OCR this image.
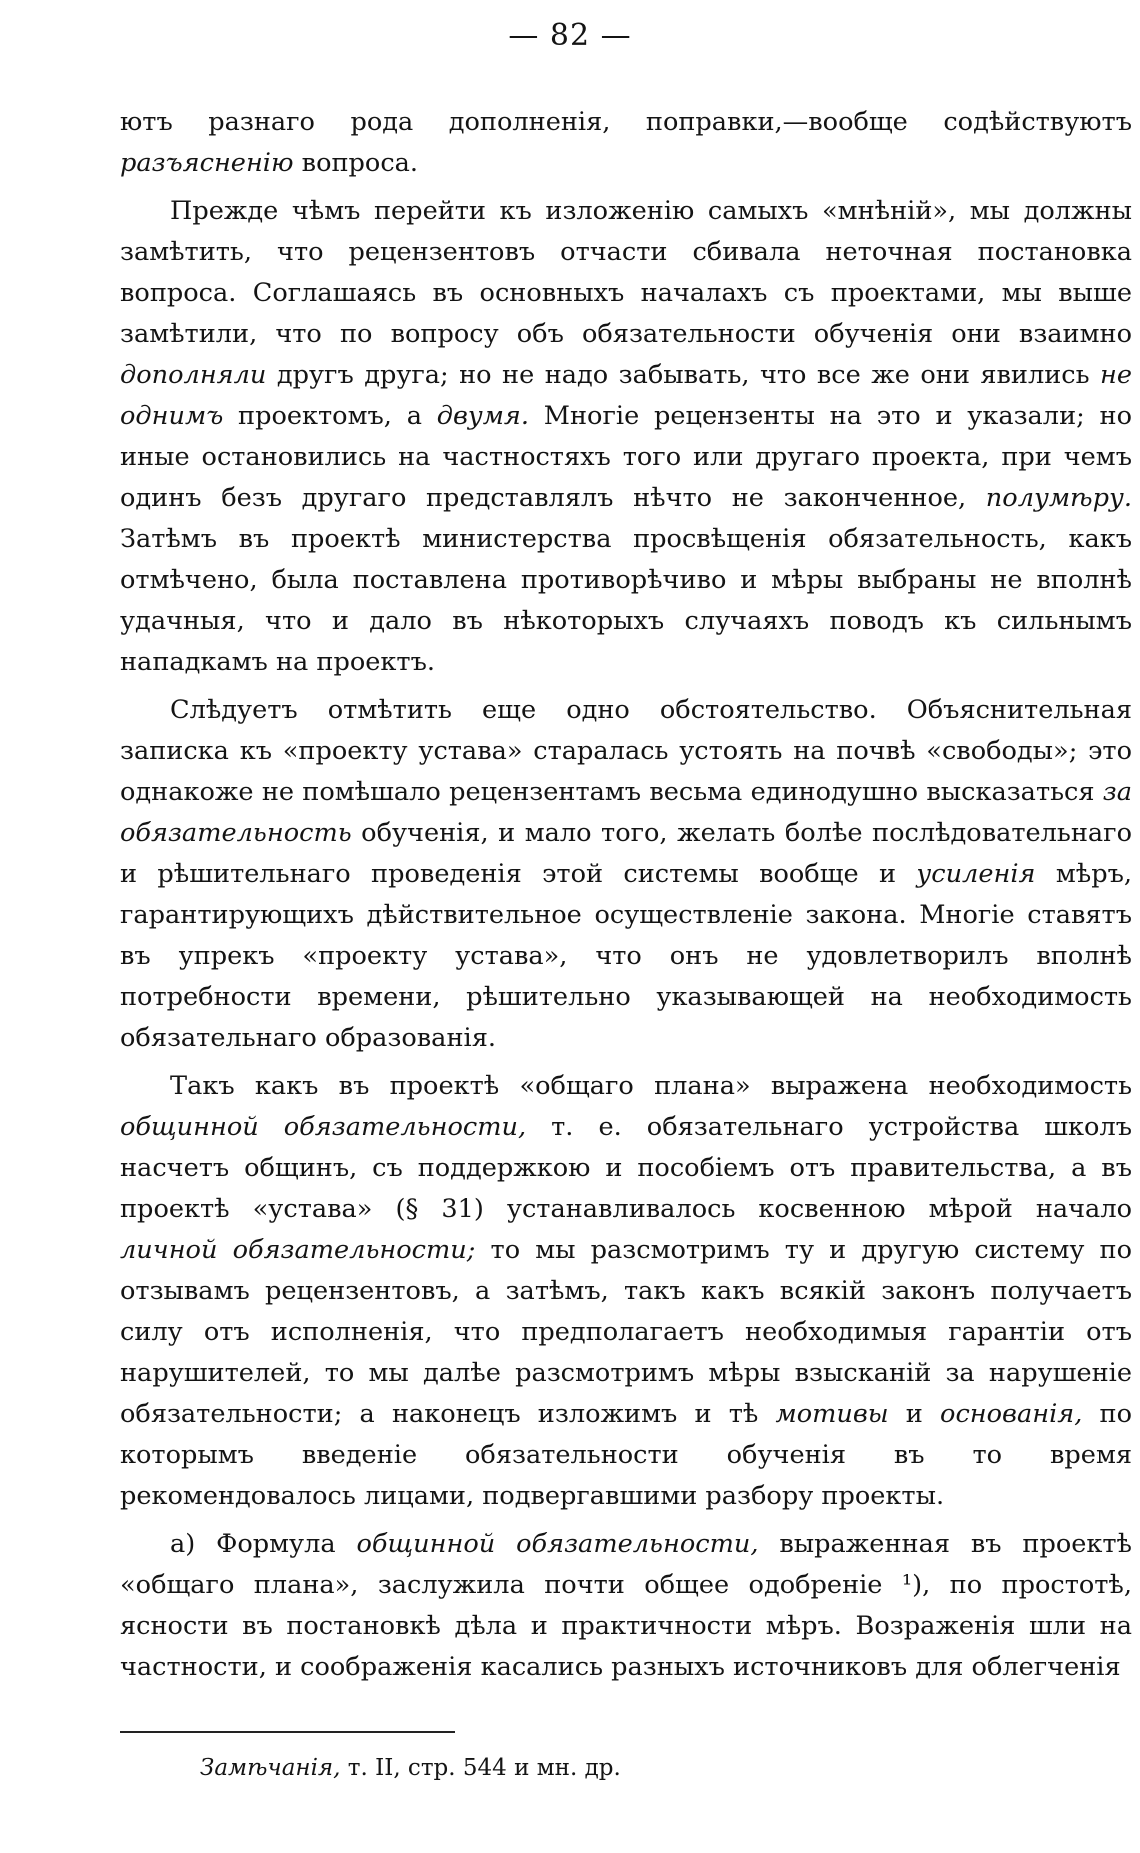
— 82 —

ютъ разнаго рода дополненія, поправки,—вообще содѣйствуютъ разъясненію вопроса.

Прежде чѣмъ перейти къ изложенію самыхъ «мнѣній», мы должны замѣтить, что рецензентовъ отчасти сбивала неточная постановка вопроса. Соглашаясь въ основныхъ началахъ съ проектами, мы выше замѣтили, что по вопросу объ обязательности обученія они взаимно дополняли другъ друга; но не надо забывать, что все же они явились не однимъ проектомъ, а двумя. Многіе рецензенты на это и указали; но иные остановились на частностяхъ того или другаго проекта, при чемъ одинъ безъ другаго представлялъ нѣчто не законченное, полумѣру. Затѣмъ въ проектѣ министерства просвѣщенія обязательность, какъ отмѣчено, была поставлена противорѣчиво и мѣры выбраны не вполнѣ удачныя, что и дало въ нѣкоторыхъ случаяхъ поводъ къ сильнымъ нападкамъ на проектъ.

Слѣдуетъ отмѣтить еще одно обстоятельство. Объяснительная записка къ «проекту устава» старалась устоять на почвѣ «свободы»; это однакоже не помѣшало рецензентамъ весьма единодушно высказаться за обязательность обученія, и мало того, желать болѣе послѣдовательнаго и рѣшительнаго проведенія этой системы вообще и усиленія мѣръ, гарантирующихъ дѣйствительное осуществленіе закона. Многіе ставятъ въ упрекъ «проекту устава», что онъ не удовлетворилъ вполнѣ потребности времени, рѣшительно указывающей на необходимость обязательнаго образованія.

Такъ какъ въ проектѣ «общаго плана» выражена необходимость общинной обязательности, т. е. обязательнаго устройства школъ насчетъ общинъ, съ поддержкою и пособіемъ отъ правительства, а въ проектѣ «устава» (§ 31) устанавливалось косвенною мѣрой начало личной обязательности; то мы разсмотримъ ту и другую систему по отзывамъ рецензентовъ, а затѣмъ, такъ какъ всякій законъ получаетъ силу отъ исполненія, что предполагаетъ необходимыя гарантіи отъ нарушителей, то мы далѣе разсмотримъ мѣры взысканій за нарушеніе обязательности; а наконецъ изложимъ и тѣ мотивы и основанія, по которымъ введеніе обязательности обученія въ то время рекомендовалось лицами, подвергавшими разбору проекты.

а) Формула общинной обязательности, выраженная въ проектѣ «общаго плана», заслужила почти общее одобреніе ¹), по простотѣ, ясности въ постановкѣ дѣла и практичности мѣръ. Возраженія шли на частности, и соображенія касались разныхъ источниковъ для облегченія

Замѣчанія, т. II, стр. 544 и мн. др.
